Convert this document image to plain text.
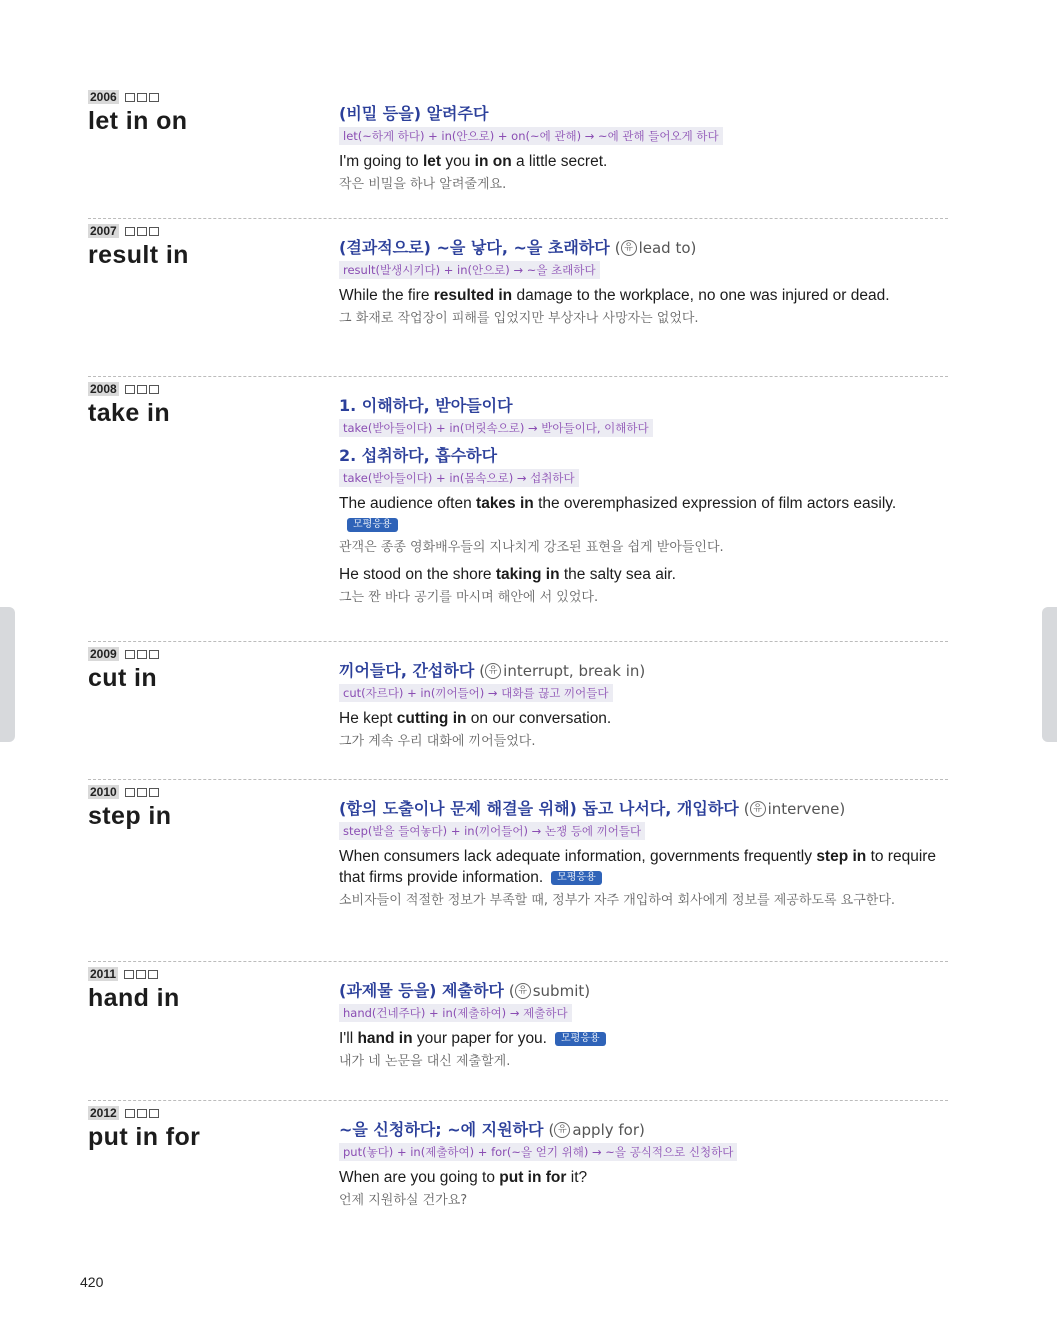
2006
let in on	(비밀 등을) 알려주다
let(~하게 하다) + in(안으로) + on(~에 관해) → ~에 관해 들어오게 하다
I'm going to let you in on a little secret.
작은 비밀을 하나 알려줄게요.
2007
result in	(결과적으로) ~을 낳다, ~을 초래하다 ( 유 lead to )
result(발생시키다) + in(안으로) → ~을 초래하다
While the fire resulted in damage to the workplace, no one was injured or dead.
그 화재로 작업장이 피해를 입었지만 부상자나 사망자는 없었다.
2008
take in	1. 이해하다, 받아들이다
take(받아들이다) + in(머릿속으로) → 받아들이다, 이해하다
2. 섭취하다, 흡수하다
take(받아들이다) + in(몸속으로) → 섭취하다
The audience often takes in the overemphasized expression of film actors easily.모평응용
관객은 종종 영화배우들의 지나치게 강조된 표현을 쉽게 받아들인다.
He stood on the shore taking in the salty sea air.
그는 짠 바다 공기를 마시며 해안에 서 있었다.
2009
cut in	끼어들다, 간섭하다 ( 유 interrupt, break in )
cut(자르다) + in(끼어들어) → 대화를 끊고 끼어들다
He kept cutting in on our conversation.
그가 계속 우리 대화에 끼어들었다.
2010
step in	(합의 도출이나 문제 해결을 위해) 돕고 나서다, 개입하다 ( 유 intervene )
step(발을 들여놓다) + in(끼어들어) → 논쟁 등에 끼어들다
When consumers lack adequate information, governments frequently step in to require that firms provide information. 모평응용
소비자들이 적절한 정보가 부족할 때, 정부가 자주 개입하여 회사에게 정보를 제공하도록 요구한다.
2011
hand in	(과제물 등을) 제출하다 ( 유 submit )
hand(건네주다) + in(제출하여) → 제출하다
I'll hand in your paper for you. 모평응용
내가 네 논문을 대신 제출할게.
2012
put in for	~을 신청하다; ~에 지원하다 ( 유 apply for )
put(놓다) + in(제출하여) + for(~을 얻기 위해) → ~을 공식적으로 신청하다
When are you going to put in for it?
언제 지원하실 건가요?
420
